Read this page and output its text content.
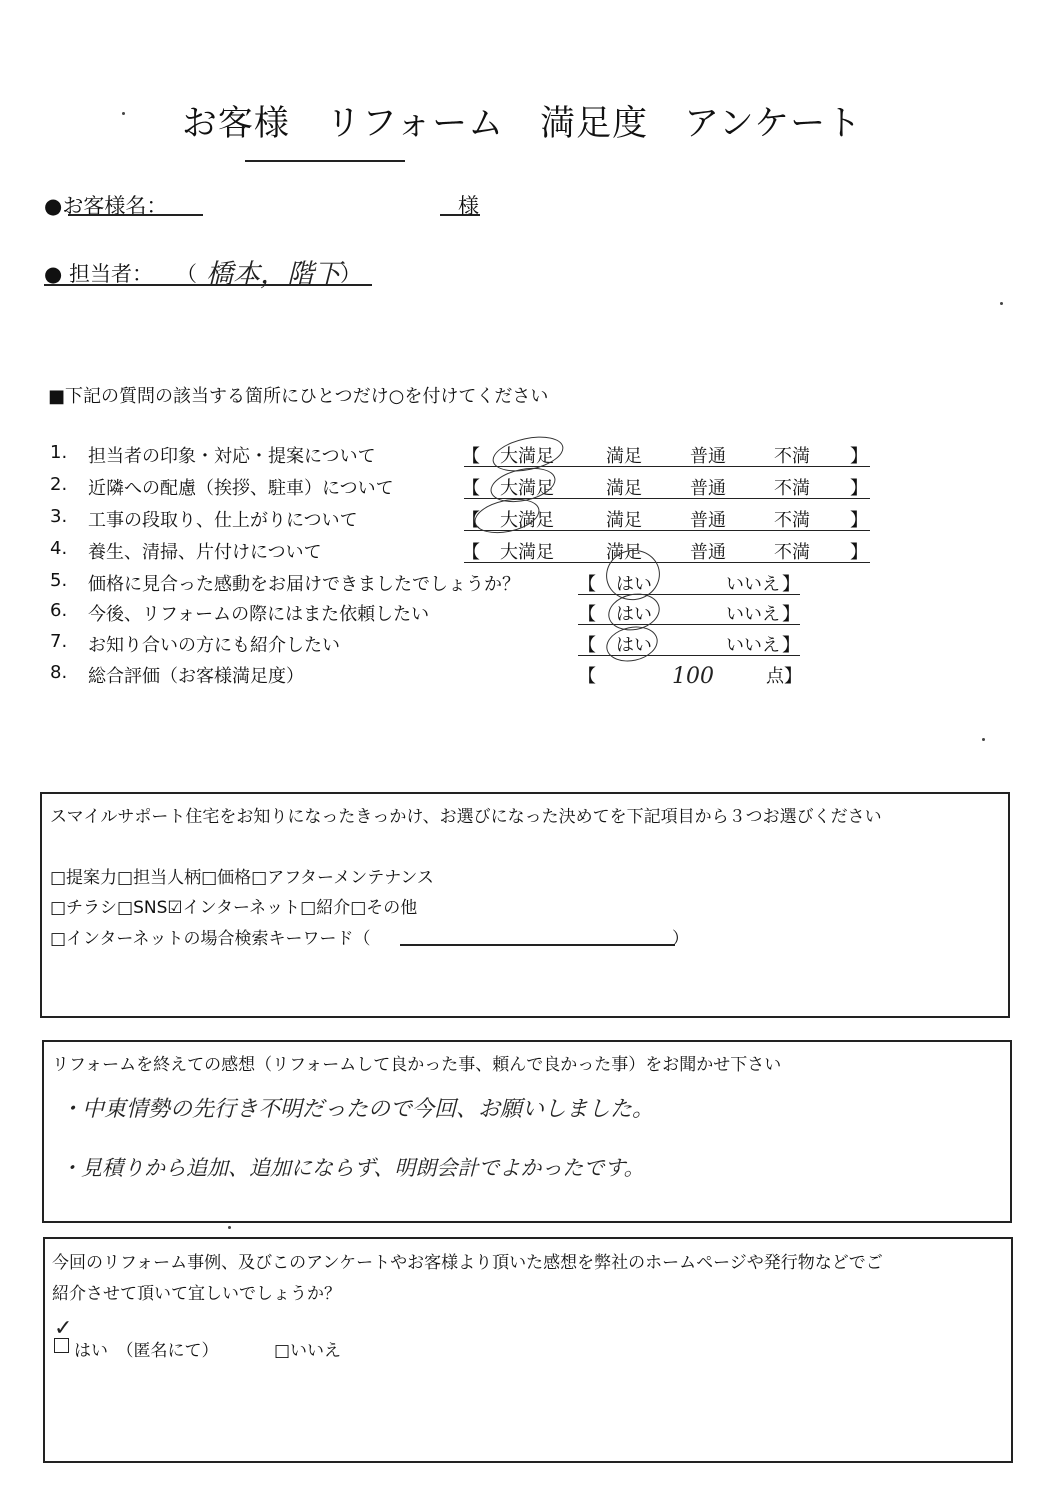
お客様　リフォーム　満足度　アンケート
●お客様名：	様
● 担当者： （ 橋本，階下 ）
■下記の質問の該当する箇所にひとつだけ○を付けてください
1.	担当者の印象・対応・提案について	【 大満足	満足	普通	不満 】
2.	近隣への配慮（挨拶、駐車）について	【 大満足	満足	普通	不満 】
3.	工事の段取り、仕上がりについて	【 大満足	満足	普通	不満 】
4.	養生、清掃、片付けについて	【 大満足	満足	普通	不満 】
5.	価格に見合った感動をお届けできましたでしょうか？	【 はい	いいえ 】
6.	今後、リフォームの際にはまた依頼したい	【 はい	いいえ 】
7.	お知り合いの方にも紹介したい	【 はい	いいえ 】
8.	総合評価（お客様満足度）	【	100	点】
スマイルサポート住宅をお知りになったきっかけ、お選びになった決めてを下記項目から３つお選びください
□提案力□担当人柄□価格□アフターメンテナンス
□チラシ□SNS☑インターネット□紹介□その他
□インターネットの場合検索キーワード（	）
リフォームを終えての感想（リフォームして良かった事、頼んで良かった事）をお聞かせ下さい
・中東情勢の先行き不明だったので今回、お願いしました。
・見積りから追加、追加にならず、明朗会計でよかったです。
今回のリフォーム事例、及びこのアンケートやお客様より頂いた感想を弊社のホームページや発行物などでご
紹介させて頂いて宜しいでしょうか？
✓
はい　（匿名にて）	□いいえ
